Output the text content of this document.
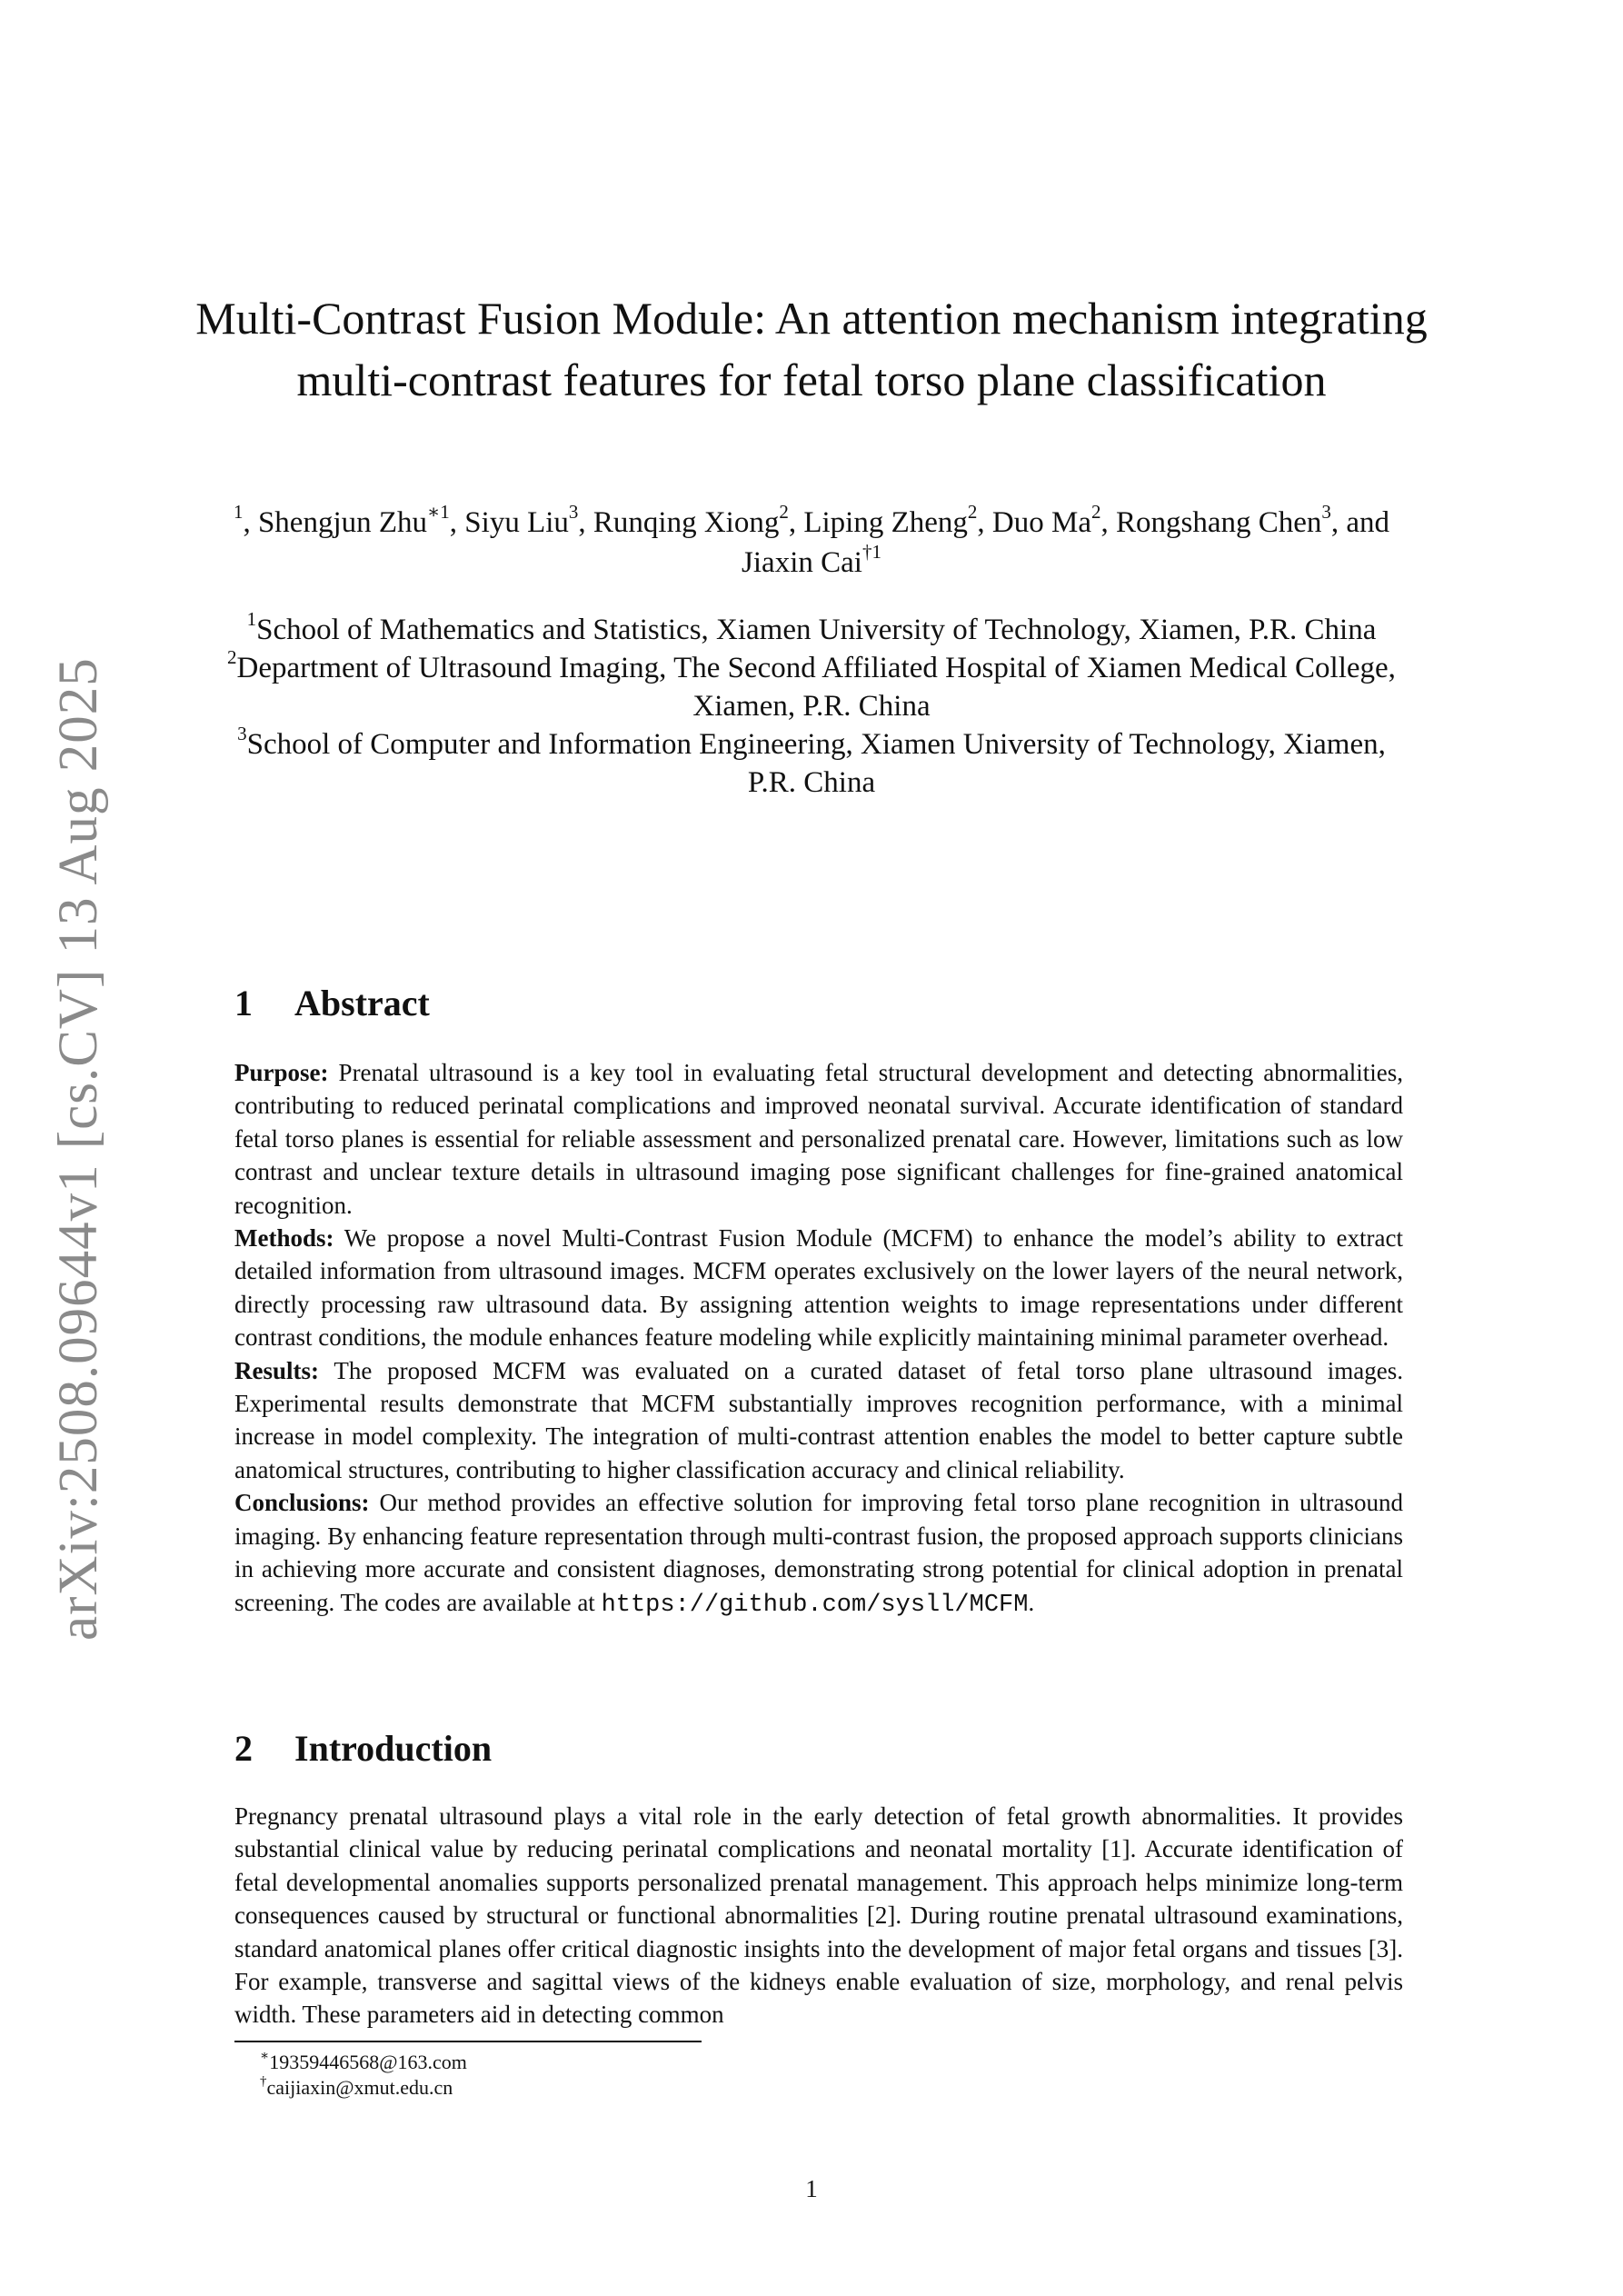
arXiv:2508.09644v1 [cs.CV] 13 Aug 2025
Multi-Contrast Fusion Module: An attention mechanism integrating multi-contrast features for fetal torso plane classification
$^1$, Shengjun Zhu$^{∗1}$, Siyu Liu$^3$, Runqing Xiong$^2$, Liping Zheng$^2$, Duo Ma$^2$, Rongshang Chen$^3$, and Jiaxin Cai$^{\dagger 1}$
$^1$School of Mathematics and Statistics, Xiamen University of Technology, Xiamen, P.R. China
$^2$Department of Ultrasound Imaging, The Second Affiliated Hospital of Xiamen Medical College, Xiamen, P.R. China
$^3$School of Computer and Information Engineering, Xiamen University of Technology, Xiamen, P.R. China
1 Abstract
Purpose: Prenatal ultrasound is a key tool in evaluating fetal structural development and detecting abnormalities, contributing to reduced perinatal complications and improved neonatal survival. Accurate identification of standard fetal torso planes is essential for reliable assessment and personalized prenatal care. However, limitations such as low contrast and unclear texture details in ultrasound imaging pose significant challenges for fine-grained anatomical recognition.
Methods: We propose a novel Multi-Contrast Fusion Module (MCFM) to enhance the model’s ability to extract detailed information from ultrasound images. MCFM operates exclusively on the lower layers of the neural network, directly processing raw ultrasound data. By assigning attention weights to image representations under different contrast conditions, the module enhances feature modeling while explicitly maintaining minimal parameter overhead.
Results: The proposed MCFM was evaluated on a curated dataset of fetal torso plane ultrasound images. Experimental results demonstrate that MCFM substantially improves recognition performance, with a minimal increase in model complexity. The integration of multi-contrast attention enables the model to better capture subtle anatomical structures, contributing to higher classification accuracy and clinical reliability.
Conclusions: Our method provides an effective solution for improving fetal torso plane recognition in ultrasound imaging. By enhancing feature representation through multi-contrast fusion, the proposed approach supports clinicians in achieving more accurate and consistent diagnoses, demonstrating strong potential for clinical adoption in prenatal screening. The codes are available at https://github.com/sysll/MCFM.
2 Introduction
Pregnancy prenatal ultrasound plays a vital role in the early detection of fetal growth abnormalities. It provides substantial clinical value by reducing perinatal complications and neonatal mortality [1]. Accurate identification of fetal developmental anomalies supports personalized prenatal management. This approach helps minimize long-term consequences caused by structural or functional abnormalities [2]. During routine prenatal ultrasound examinations, standard anatomical planes offer critical diagnostic insights into the development of major fetal organs and tissues [3]. For example, transverse and sagittal views of the kidneys enable evaluation of size, morphology, and renal pelvis width. These parameters aid in detecting common
∗19359446568@163.com
†caijiaxin@xmut.edu.cn
1
